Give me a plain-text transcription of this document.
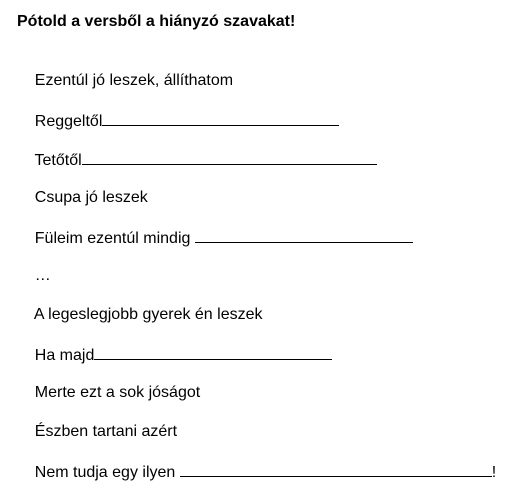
Pótold a versből a hiányzó szavakat!

Ezentúl jó leszek, állíthatom

Reggeltől

Tetőtől

Csupa jó leszek

Füleim ezentúl mindig

…

A legeslegjobb gyerek én leszek

Ha majd

Merte ezt a sok jóságot

Észben tartani azért

Nem tudja egy ilyen	!
